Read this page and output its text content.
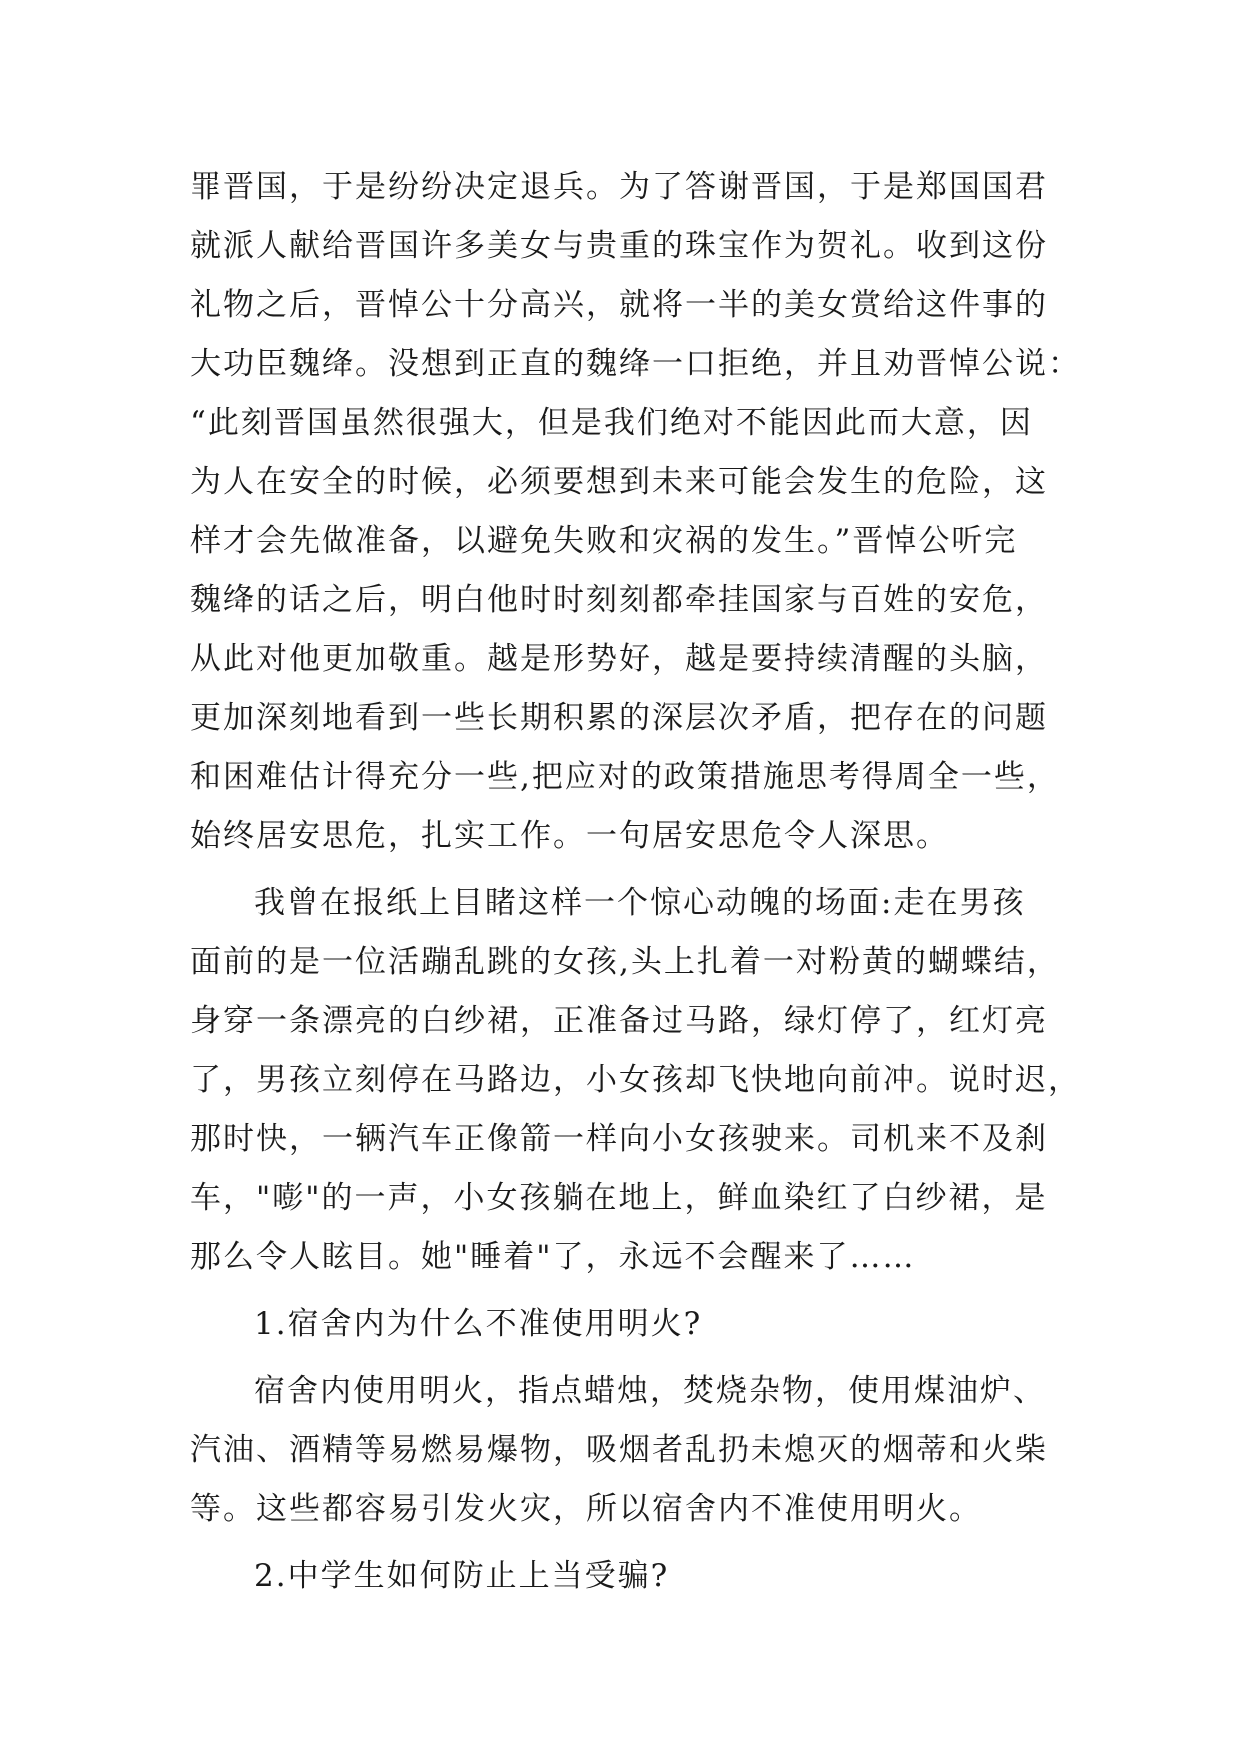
罪晋国，于是纷纷决定退兵。为了答谢晋国，于是郑国国君
就派人献给晋国许多美女与贵重的珠宝作为贺礼。收到这份
礼物之后，晋悼公十分高兴，就将一半的美女赏给这件事的
大功臣魏绛。没想到正直的魏绛一口拒绝，并且劝晋悼公说：
“此刻晋国虽然很强大，但是我们绝对不能因此而大意，因
为人在安全的时候，必须要想到未来可能会发生的危险，这
样才会先做准备，以避免失败和灾祸的发生。”晋悼公听完
魏绛的话之后，明白他时时刻刻都牵挂国家与百姓的安危，
从此对他更加敬重。越是形势好，越是要持续清醒的头脑，
更加深刻地看到一些长期积累的深层次矛盾，把存在的问题
和困难估计得充分一些,把应对的政策措施思考得周全一些，
始终居安思危，扎实工作。一句居安思危令人深思。
我曾在报纸上目睹这样一个惊心动魄的场面:走在男孩
面前的是一位活蹦乱跳的女孩,头上扎着一对粉黄的蝴蝶结，
身穿一条漂亮的白纱裙，正准备过马路，绿灯停了，红灯亮
了，男孩立刻停在马路边，小女孩却飞快地向前冲。说时迟，
那时快，一辆汽车正像箭一样向小女孩驶来。司机来不及刹
车，"嘭"的一声，小女孩躺在地上，鲜血染红了白纱裙，是
那么令人眩目。她"睡着"了，永远不会醒来了……
1.宿舍内为什么不准使用明火?
宿舍内使用明火，指点蜡烛，焚烧杂物，使用煤油炉、
汽油、酒精等易燃易爆物，吸烟者乱扔未熄灭的烟蒂和火柴
等。这些都容易引发火灾，所以宿舍内不准使用明火。
2.中学生如何防止上当受骗?
